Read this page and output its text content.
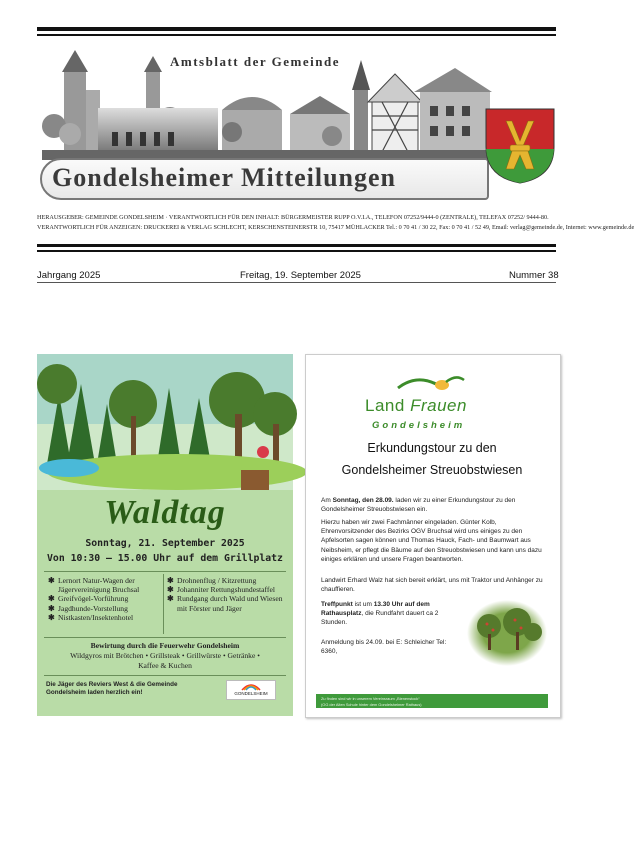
Amtsblatt der Gemeinde
Gondelsheimer Mitteilungen
HERAUSGEBER: GEMEINDE GONDELSHEIM · VERANTWORTLICH FÜR DEN INHALT: BÜRGERMEISTER RUPP O.V.I.A., TELEFON 07252/9444-0 (ZENTRALE), TELEFAX 07252/ 9444-80.
VERANTWORTLICH FÜR ANZEIGEN: DRUCKEREI & VERLAG SCHLECHT, KERSCHENSTEINERSTR 10, 75417 MÜHLACKER Tel.: 0 70 41 / 30 22, Fax: 0 70 41 / 52 49, Email: verlag@gemeinde.de, Internet: www.gemeinde.de
Jahrgang 2025	Freitag, 19. September 2025	Nummer 38
Waldtag
Sonntag, 21. September 2025
Von 10:30 – 15.00 Uhr auf dem Grillplatz
✱ Lernort Natur-Wagen der Jägervereinigung Bruchsal
✱ Greifvögel-Vorführung
✱ Jagdhunde-Vorstellung
✱ Nistkasten/Insektenhotel
✱ Drohnenflug / Kitzrettung
✱ Johanniter Rettungshundestaffel
✱ Rundgang durch Wald und Wiesen mit Förster und Jäger
Bewirtung durch die Feuerwehr Gondelsheim
Wildgyros mit Brötchen • Grillsteak • Grillwürste • Getränke •
Kaffee & Kuchen
Die Jäger des Reviers West & die Gemeinde Gondelsheim laden herzlich ein!	GONDELSHEIM
Land Frauen
Gondelsheim
Erkundungstour zu den
Gondelsheimer Streuobstwiesen
Am Sonntag, den 28.09. laden wir zu einer Erkundungstour zu den Gondelsheimer Streuobstwiesen ein.
Hierzu haben wir zwei Fachmänner eingeladen. Günter Kolb, Ehrenvorsitzender des Bezirks OGV Bruchsal wird uns einiges zu den Apfelsorten sagen können und Thomas Hauck, Fach- und Baumwart aus Neibsheim, er pflegt die Bäume auf den Streuobstwiesen und kann uns dazu einiges erklären und unsere Fragen beantworten.
Landwirt Erhard Walz hat sich bereit erklärt, uns mit Traktor und Anhänger zu chauffieren.
Treffpunkt ist um 13.30 Uhr auf dem Rathausplatz, die Rundfahrt dauert ca 2 Stunden.
Anmeldung bis 24.09. bei E: Schleicher Tel: 6360,
Zu finden sind wir in unserem Vereinsraum „Bienenstock“
(OG der Alten Schule hinter dem Gondelsheimer Rathaus)
